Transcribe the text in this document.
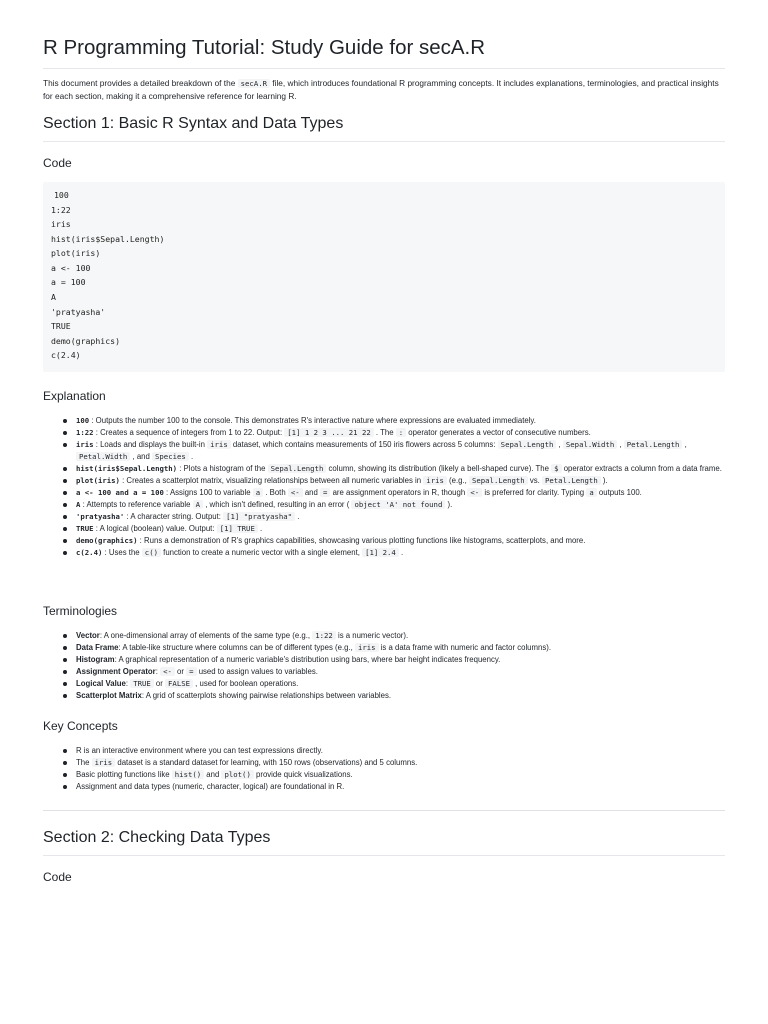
R Programming Tutorial: Study Guide for secA.R

This document provides a detailed breakdown of the secA.R file, which introduces foundational R programming concepts. It includes explanations, terminologies, and practical insights for each section, making it a comprehensive reference for learning R.

Section 1: Basic R Syntax and Data Types
Code
100
1:22
iris
hist(iris$Sepal.Length)
plot(iris)
a <- 100
a = 100
A
'pratyasha'
TRUE
demo(graphics)
c(2.4)
Explanation
100 : Outputs the number 100 to the console. This demonstrates R's interactive nature where expressions are evaluated immediately.
1:22 : Creates a sequence of integers from 1 to 22. Output: [1] 1 2 3 ... 21 22 . The : operator generates a vector of consecutive numbers.
iris : Loads and displays the built-in iris dataset, which contains measurements of 150 iris flowers across 5 columns: Sepal.Length , Sepal.Width , Petal.Length , Petal.Width , and Species .
hist(iris$Sepal.Length) : Plots a histogram of the Sepal.Length column, showing its distribution (likely a bell-shaped curve). The $ operator extracts a column from a data frame.
plot(iris) : Creates a scatterplot matrix, visualizing relationships between all numeric variables in iris (e.g., Sepal.Length vs. Petal.Length ).
a <- 100 and a = 100 : Assigns 100 to variable a . Both <- and = are assignment operators in R, though <- is preferred for clarity. Typing a outputs 100.
A : Attempts to reference variable A , which isn't defined, resulting in an error ( object 'A' not found ).
'pratyasha' : A character string. Output: [1] "pratyasha" .
TRUE : A logical (boolean) value. Output: [1] TRUE .
demo(graphics) : Runs a demonstration of R's graphics capabilities, showcasing various plotting functions like histograms, scatterplots, and more.
c(2.4) : Uses the c() function to create a numeric vector with a single element, [1] 2.4 .
Terminologies
Vector: A one-dimensional array of elements of the same type (e.g., 1:22 is a numeric vector).
Data Frame: A table-like structure where columns can be of different types (e.g., iris is a data frame with numeric and factor columns).
Histogram: A graphical representation of a numeric variable's distribution using bars, where bar height indicates frequency.
Assignment Operator: <- or = used to assign values to variables.
Logical Value: TRUE or FALSE , used for boolean operations.
Scatterplot Matrix: A grid of scatterplots showing pairwise relationships between variables.
Key Concepts
R is an interactive environment where you can test expressions directly.
The iris dataset is a standard dataset for learning, with 150 rows (observations) and 5 columns.
Basic plotting functions like hist() and plot() provide quick visualizations.
Assignment and data types (numeric, character, logical) are foundational in R.
Section 2: Checking Data Types
Code
